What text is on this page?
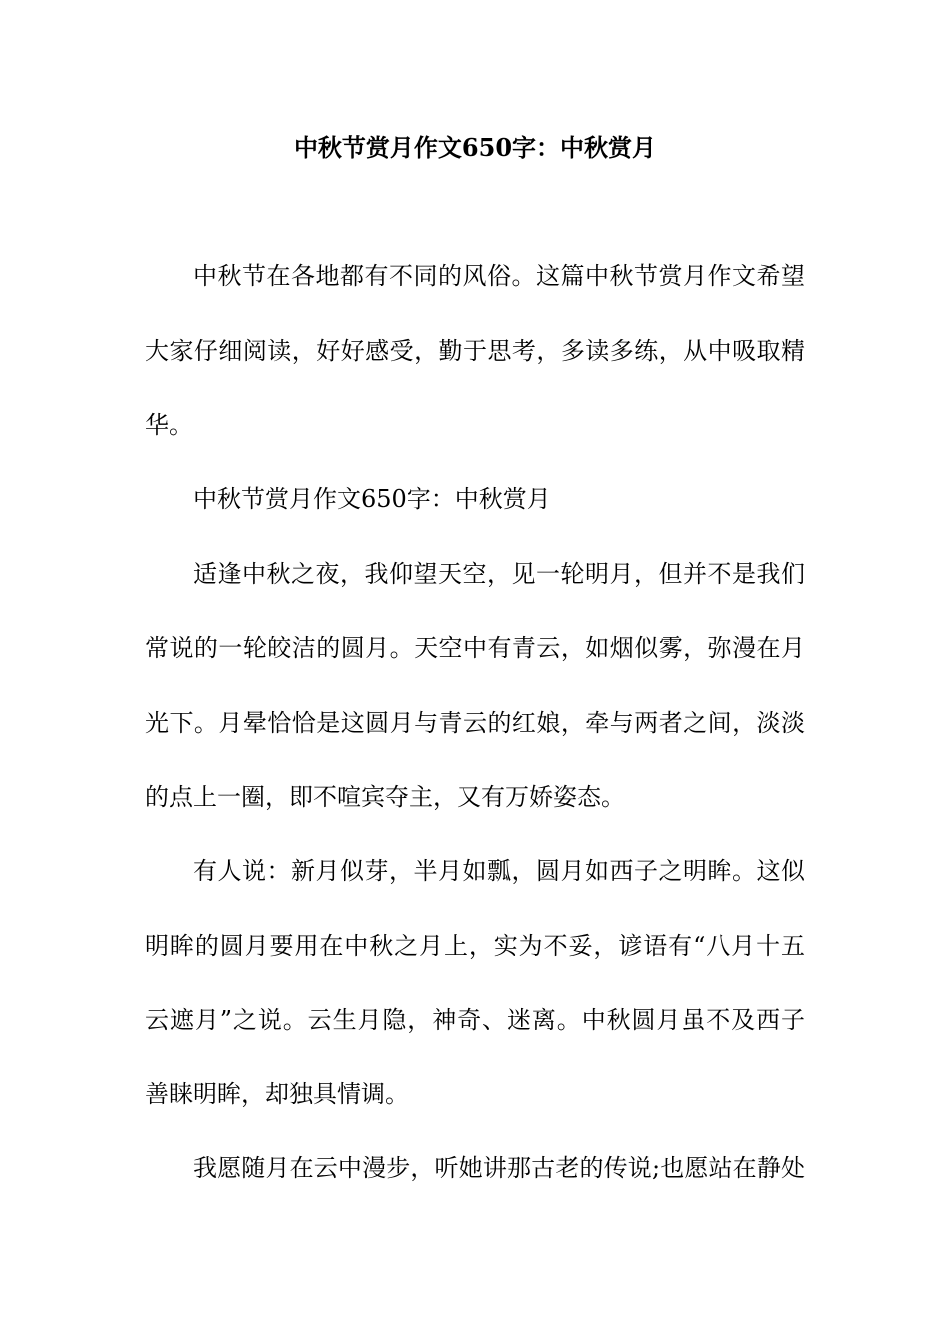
中秋节赏月作文650字：中秋赏月
中秋节在各地都有不同的风俗。这篇中秋节赏月作文希望
大家仔细阅读，好好感受，勤于思考，多读多练，从中吸取精
华。
中秋节赏月作文650字：中秋赏月
适逢中秋之夜，我仰望天空，见一轮明月，但并不是我们
常说的一轮皎洁的圆月。天空中有青云，如烟似雾，弥漫在月
光下。月晕恰恰是这圆月与青云的红娘，牵与两者之间，淡淡
的点上一圈，即不喧宾夺主，又有万娇姿态。
有人说：新月似芽，半月如瓢，圆月如西子之明眸。这似
明眸的圆月要用在中秋之月上，实为不妥，谚语有“八月十五
云遮月”之说。云生月隐，神奇、迷离。中秋圆月虽不及西子
善睐明眸，却独具情调。
我愿随月在云中漫步，听她讲那古老的传说;也愿站在静处
